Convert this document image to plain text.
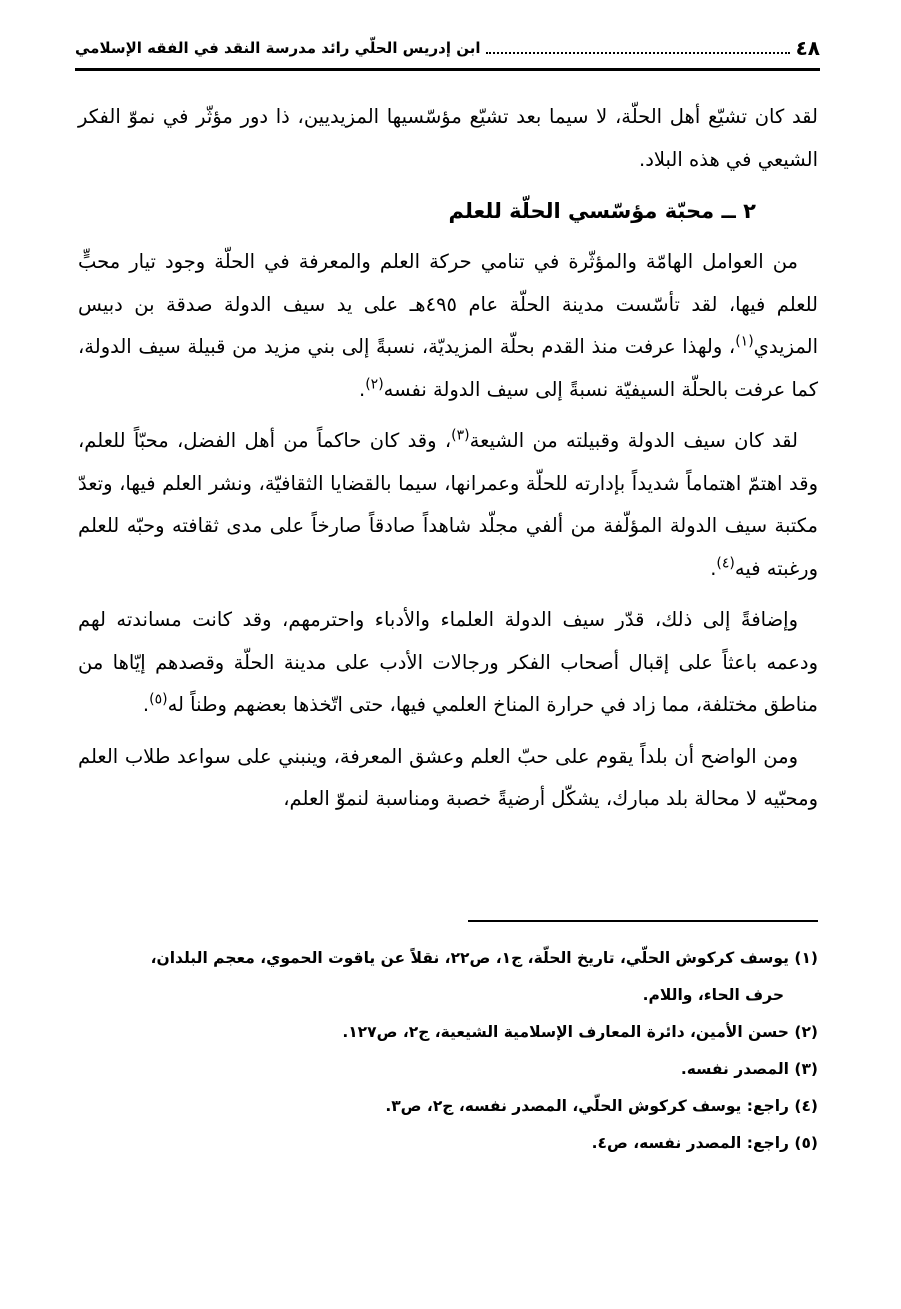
٤٨
ابن إدريس الحلّي رائد مدرسة النقد في الفقه الإسلامي

لقد كان تشيّع أهل الحلّة، لا سيما بعد تشيّع مؤسّسيها المزيديين، ذا دور مؤثّر في نموّ الفكر الشيعي في هذه البلاد.

٢ ــ محبّة مؤسّسي الحلّة للعلم

من العوامل الهامّة والمؤثّرة في تنامي حركة العلم والمعرفة في الحلّة وجود تيار محبٍّ للعلم فيها، لقد تأسّست مدينة الحلّة عام ٤٩٥هـ على يد سيف الدولة صدقة بن دبيس المزيدي$^{(١)}$، ولهذا عرفت منذ القدم بحلّة المزيديّة، نسبةً إلى بني مزيد من قبيلة سيف الدولة، كما عرفت بالحلّة السيفيّة نسبةً إلى سيف الدولة نفسه$^{(٢)}$.

لقد كان سيف الدولة وقبيلته من الشيعة$^{(٣)}$، وقد كان حاكماً من أهل الفضل، محبّاً للعلم، وقد اهتمّ اهتماماً شديداً بإدارته للحلّة وعمرانها، سيما بالقضايا الثقافيّة، ونشر العلم فيها، وتعدّ مكتبة سيف الدولة المؤلّفة من ألفي مجلّد شاهداً صادقاً صارخاً على مدى ثقافته وحبّه للعلم ورغبته فيه$^{(٤)}$.

وإضافةً إلى ذلك، قدّر سيف الدولة العلماء والأدباء واحترمهم، وقد كانت مساندته لهم ودعمه باعثاً على إقبال أصحاب الفكر ورجالات الأدب على مدينة الحلّة وقصدهم إيّاها من مناطق مختلفة، مما زاد في حرارة المناخ العلمي فيها، حتى اتّخذها بعضهم وطناً له$^{(٥)}$.

ومن الواضح أن بلداً يقوم على حبّ العلم وعشق المعرفة، وينبني على سواعد طلاب العلم ومحبّيه لا محالة بلد مبارك، يشكّل أرضيةً خصبة ومناسبة لنموّ العلم،

(١) يوسف كركوش الحلّي، تاريخ الحلّة، ج١، ص٢٢، نقلاً عن ياقوت الحموي، معجم البلدان،
حرف الحاء، واللام.

(٢) حسن الأمين، دائرة المعارف الإسلامية الشيعية، ج٢، ص١٢٧.

(٣) المصدر نفسه.

(٤) راجع: يوسف كركوش الحلّي، المصدر نفسه، ج٢، ص٣.

(٥) راجع: المصدر نفسه، ص٤.
